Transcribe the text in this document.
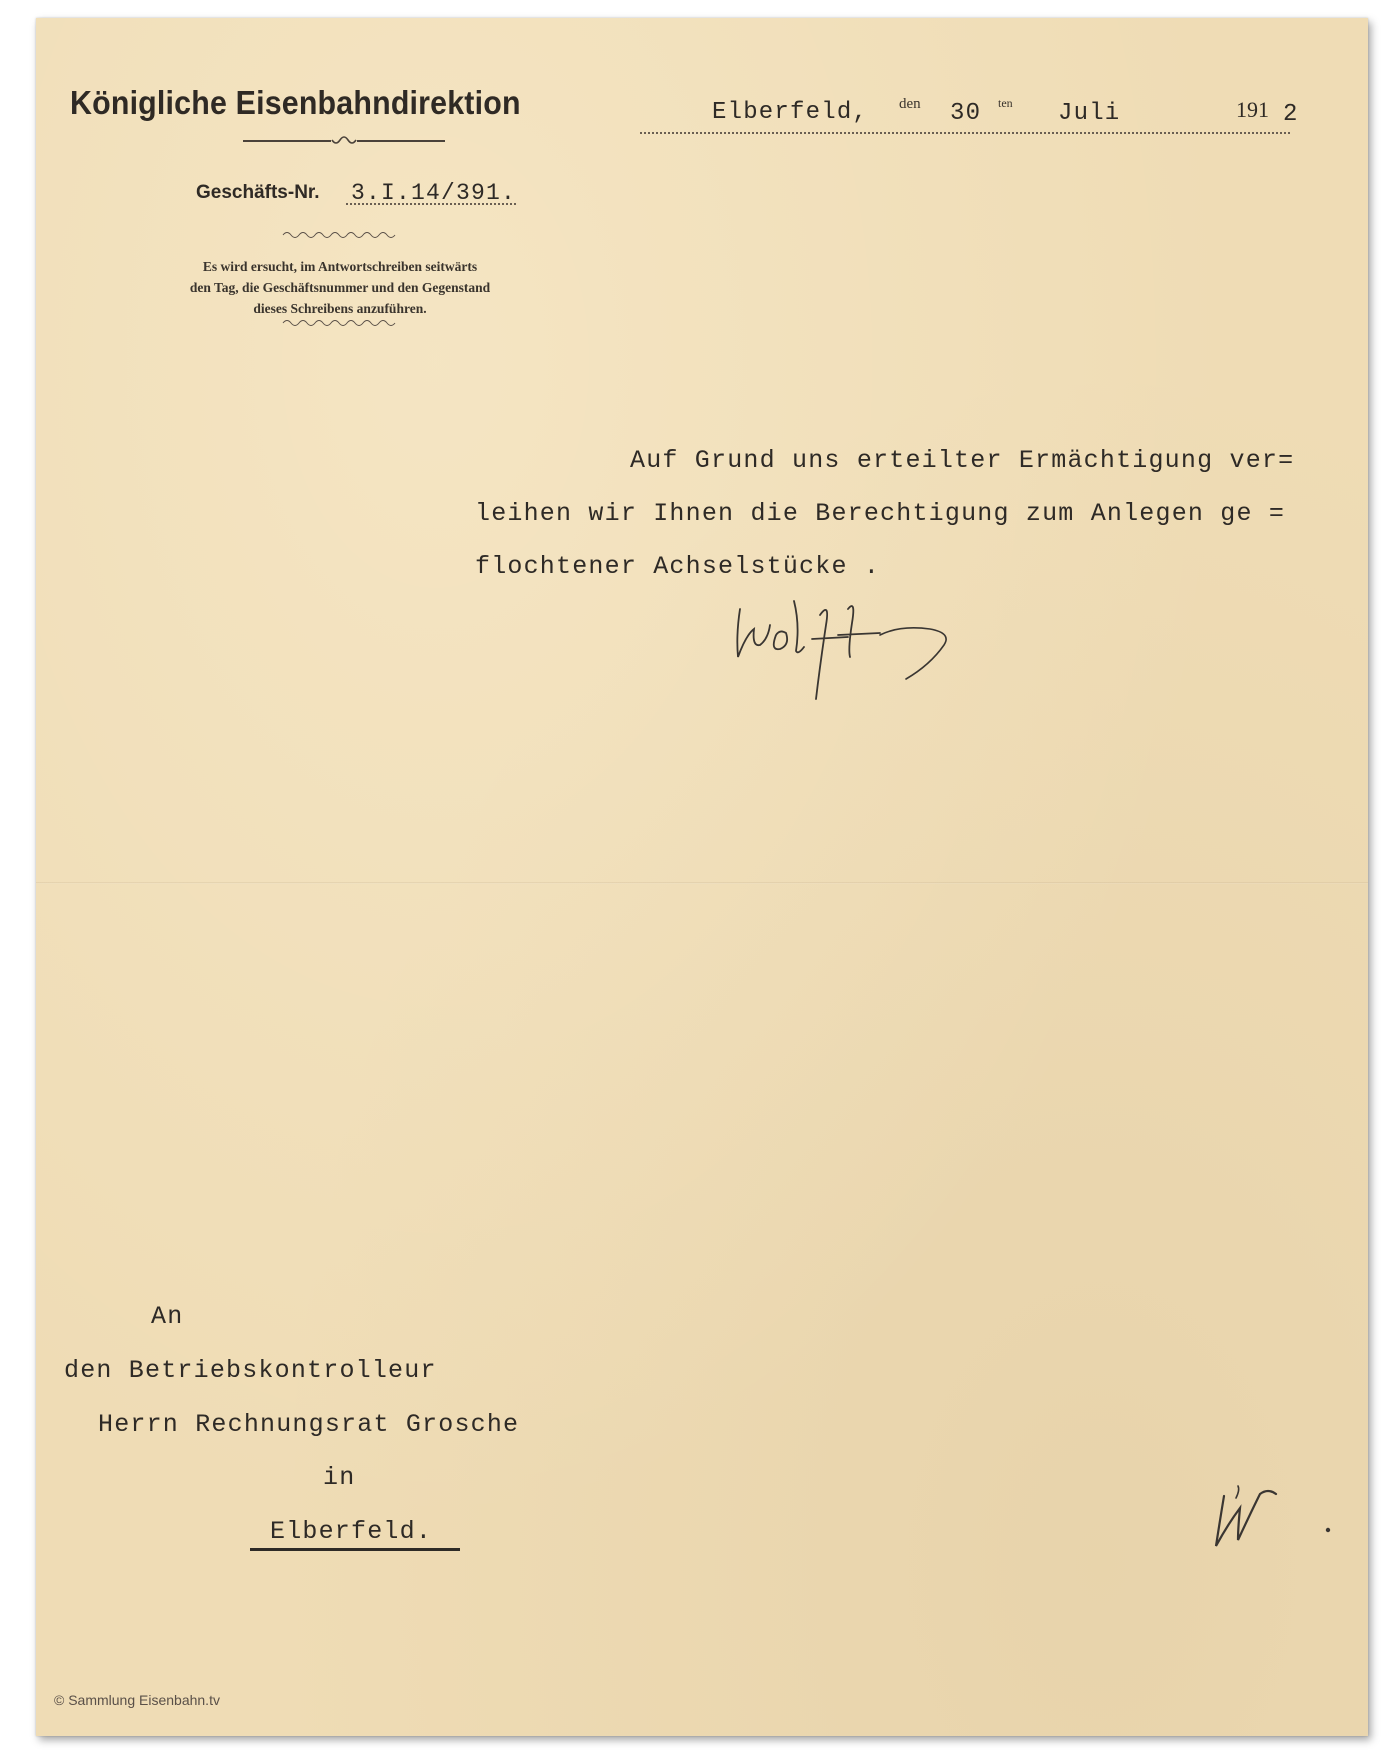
Königliche Eisenbahndirektion	Elberfeld, den 30 ten Juli	191 2
Geschäfts-Nr. 3.I.14/391.
Es wird ersucht, im Antwortschreiben seitwärts
den Tag, die Geschäftsnummer und den Gegenstand
dieses Schreibens anzuführen.
Auf Grund uns erteilter Ermächtigung ver=
leihen wir Ihnen die Berechtigung zum Anlegen ge =
flochtener Achselstücke .
An
den Betriebskontrolleur
Herrn Rechnungsrat Grosche
in
Elberfeld.
© Sammlung Eisenbahn.tv
